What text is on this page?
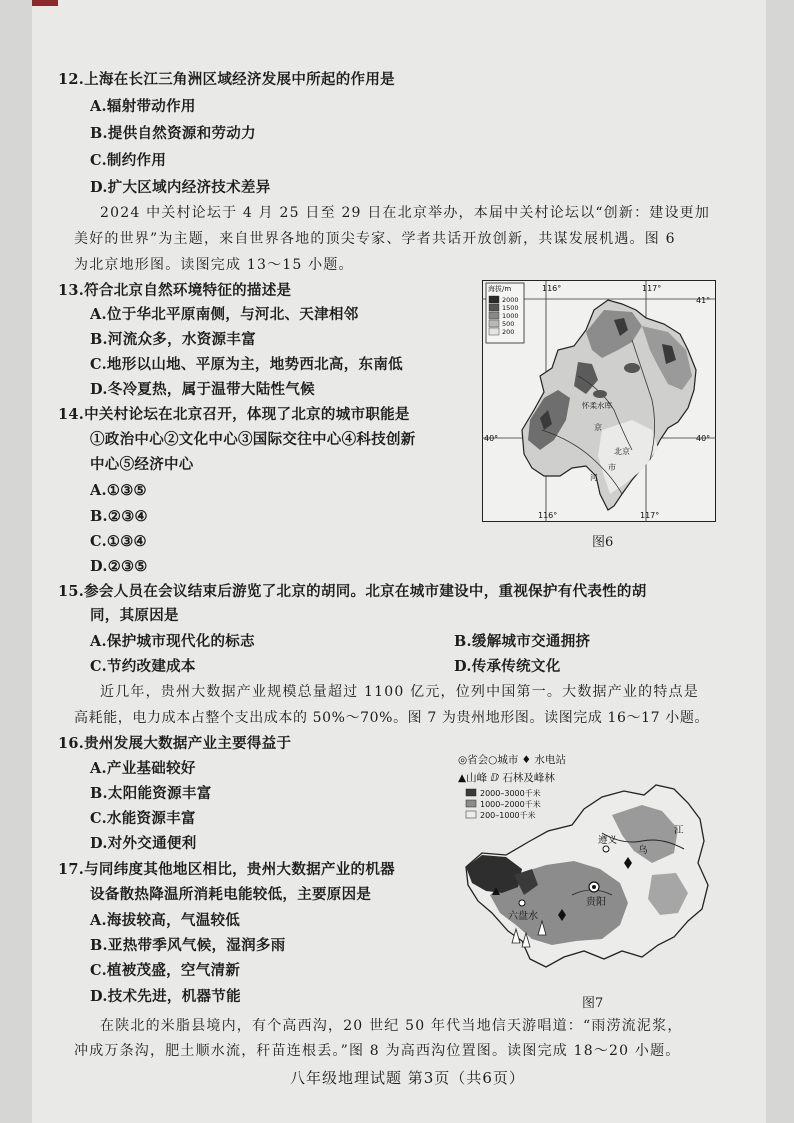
12.上海在长江三角洲区域经济发展中所起的作用是
A.辐射带动作用
B.提供自然资源和劳动力
C.制约作用
D.扩大区域内经济技术差异
2024 中关村论坛于 4 月 25 日至 29 日在北京举办，本届中关村论坛以“创新：建设更加
美好的世界”为主题，来自世界各地的顶尖专家、学者共话开放创新，共谋发展机遇。图 6
为北京地形图。读图完成 13～15 小题。
13.符合北京自然环境特征的描述是
A.位于华北平原南侧，与河北、天津相邻
B.河流众多，水资源丰富
C.地形以山地、平原为主，地势西北高，东南低
D.冬冷夏热，属于温带大陆性气候
14.中关村论坛在北京召开，体现了北京的城市职能是
①政治中心②文化中心③国际交往中心④科技创新
中心⑤经济中心
A.①③⑤
B.②③④
C.①③④
D.②③⑤
海拔/m
2000
1500
1000
500
200
116°	117°
41°
40°
40°
116°	117°
怀柔水库
京
北京
市
河
图6
15.参会人员在会议结束后游览了北京的胡同。北京在城市建设中，重视保护有代表性的胡
同，其原因是
A.保护城市现代化的标志	B.缓解城市交通拥挤
C.节约改建成本	D.传承传统文化
近几年，贵州大数据产业规模总量超过 1100 亿元，位列中国第一。大数据产业的特点是
高耗能，电力成本占整个支出成本的 50%～70%。图 7 为贵州地形图。读图完成 16～17 小题。
16.贵州发展大数据产业主要得益于
A.产业基础较好
B.太阳能资源丰富
C.水能资源丰富
D.对外交通便利
17.与同纬度其他地区相比，贵州大数据产业的机器
设备散热降温所消耗电能较低，主要原因是
A.海拔较高，气温较低
B.亚热带季风气候，湿润多雨
C.植被茂盛，空气清新
D.技术先进，机器节能
◎省会○城市 ♦ 水电站
▲山峰 ⅅ 石林及峰林
2000–3000千米
1000–2000千米
200–1000千米
六盘水
贵阳
遵义
乌
江
图7
在陕北的米脂县境内，有个高西沟，20 世纪 50 年代当地信天游唱道：“雨涝流泥浆，
冲成万条沟，肥土顺水流，秆苗连根丢。”图 8 为高西沟位置图。读图完成 18～20 小题。
八年级地理试题 第3页（共6页）
